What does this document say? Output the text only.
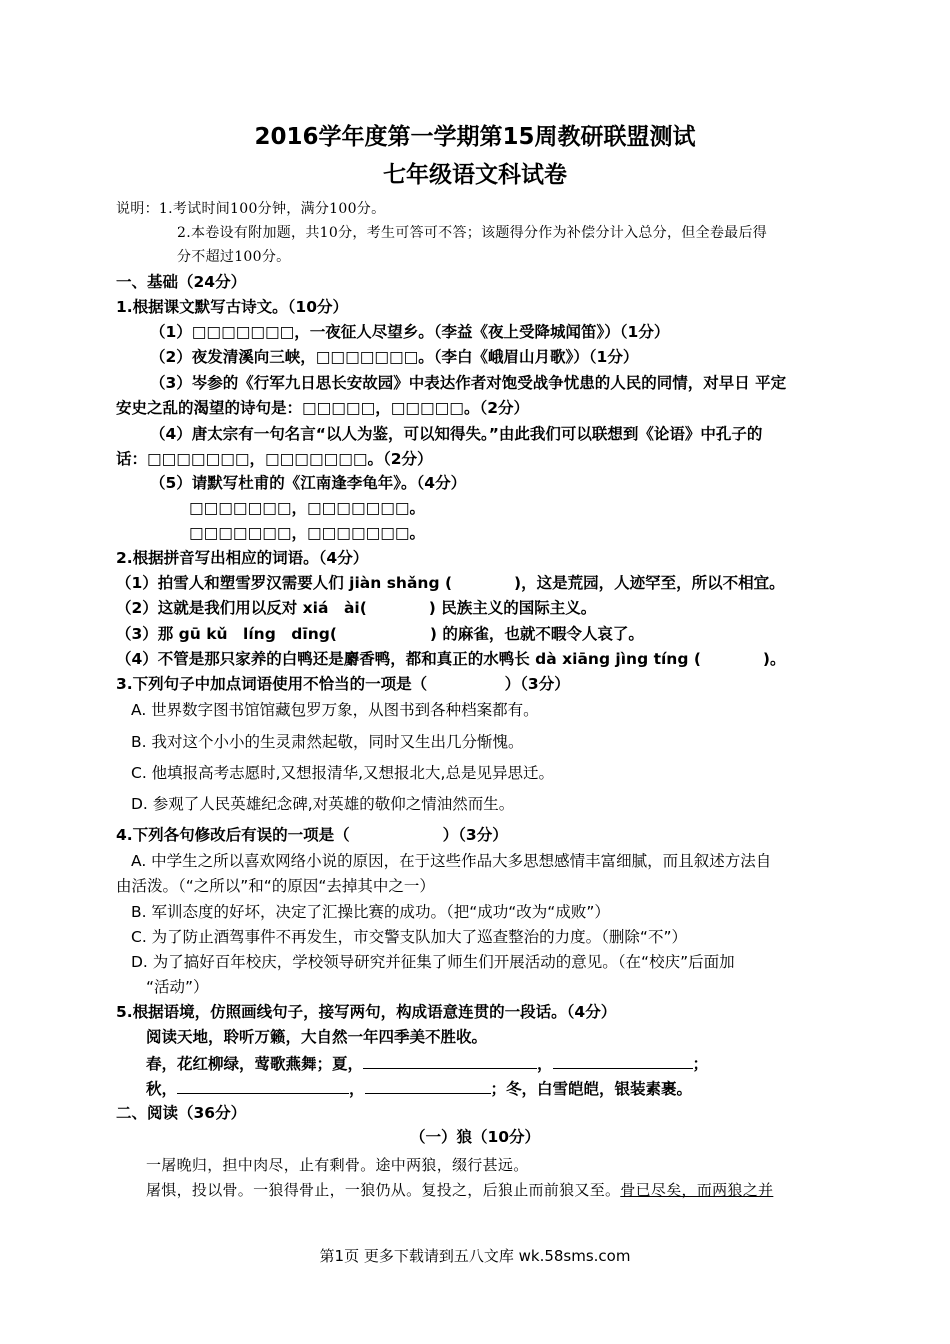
2016学年度第一学期第15周教研联盟测试
七年级语文科试卷
说明：1.考试时间100分钟，满分100分。
2.本卷设有附加题，共10分，考生可答可不答；该题得分作为补偿分计入总分，但全卷最后得
分不超过100分。
一、基础（24分）
1.根据课文默写古诗文。（10分）
（1）□□□□□□□，一夜征人尽望乡。（李益《夜上受降城闻笛》）（1分）
（2）夜发清溪向三峡，□□□□□□□。（李白《峨眉山月歌》）（1分）
（3）岑参的《行军九日思长安故园》中表达作者对饱受战争忧患的人民的同情，对早日 平定
安史之乱的渴望的诗句是：□□□□□，□□□□□。（2分）
（4）唐太宗有一句名言“以人为鉴，可以知得失。”由此我们可以联想到《论语》中孔子的
话：□□□□□□□，□□□□□□□。（2分）
（5）请默写杜甫的《江南逢李龟年》。（4分）
□□□□□□□，□□□□□□□。
□□□□□□□，□□□□□□□。
2.根据拼音写出相应的词语。（4分）
（1）拍雪人和塑雪罗汉需要人们 jiàn shǎng (　　　　)，这是荒园，人迹罕至，所以不相宜。
（2）这就是我们用以反对 xiá　ài(　　　　) 民族主义的国际主义。
（3）那 gū kǔ　líng　dīng(　　　　　　) 的麻雀，也就不暇令人哀了。
（4）不管是那只家养的白鸭还是麝香鸭，都和真正的水鸭长 dà xiāng jìng tíng (　　　　)。
3.下列句子中加点词语使用不恰当的一项是（　　　　　）（3分）
A. 世界数字图书馆馆藏包罗万象，从图书到各种档案都有。
B. 我对这个小小的生灵肃然起敬，同时又生出几分惭愧。
C. 他填报高考志愿时,又想报清华,又想报北大,总是见异思迁。
D. 参观了人民英雄纪念碑,对英雄的敬仰之情油然而生。
4.下列各句修改后有误的一项是（　　　　　　）（3分）
A. 中学生之所以喜欢网络小说的原因，在于这些作品大多思想感情丰富细腻，而且叙述方法自
由活泼。（“之所以”和“的原因“去掉其中之一）
B. 军训态度的好坏，决定了汇操比赛的成功。（把“成功“改为“成败”）
C. 为了防止酒驾事件不再发生，市交警支队加大了巡查整治的力度。（删除“不”）
D. 为了搞好百年校庆，学校领导研究并征集了师生们开展活动的意见。（在“校庆”后面加
“活动”）
5.根据语境，仿照画线句子，接写两句，构成语意连贯的一段话。（4分）
阅读天地，聆听万籁，大自然一年四季美不胜收。
春，花红柳绿，莺歌燕舞；夏，	，	；
秋，	，	；冬，白雪皑皑，银装素裹。
二、阅读（36分）
（一）狼（10分）
一屠晚归，担中肉尽，止有剩骨。途中两狼，缀行甚远。
屠惧，投以骨。一狼得骨止，一狼仍从。复投之，后狼止而前狼又至。骨已尽矣，而两狼之并
第1页 更多下载请到五八文库 wk.58sms.com
